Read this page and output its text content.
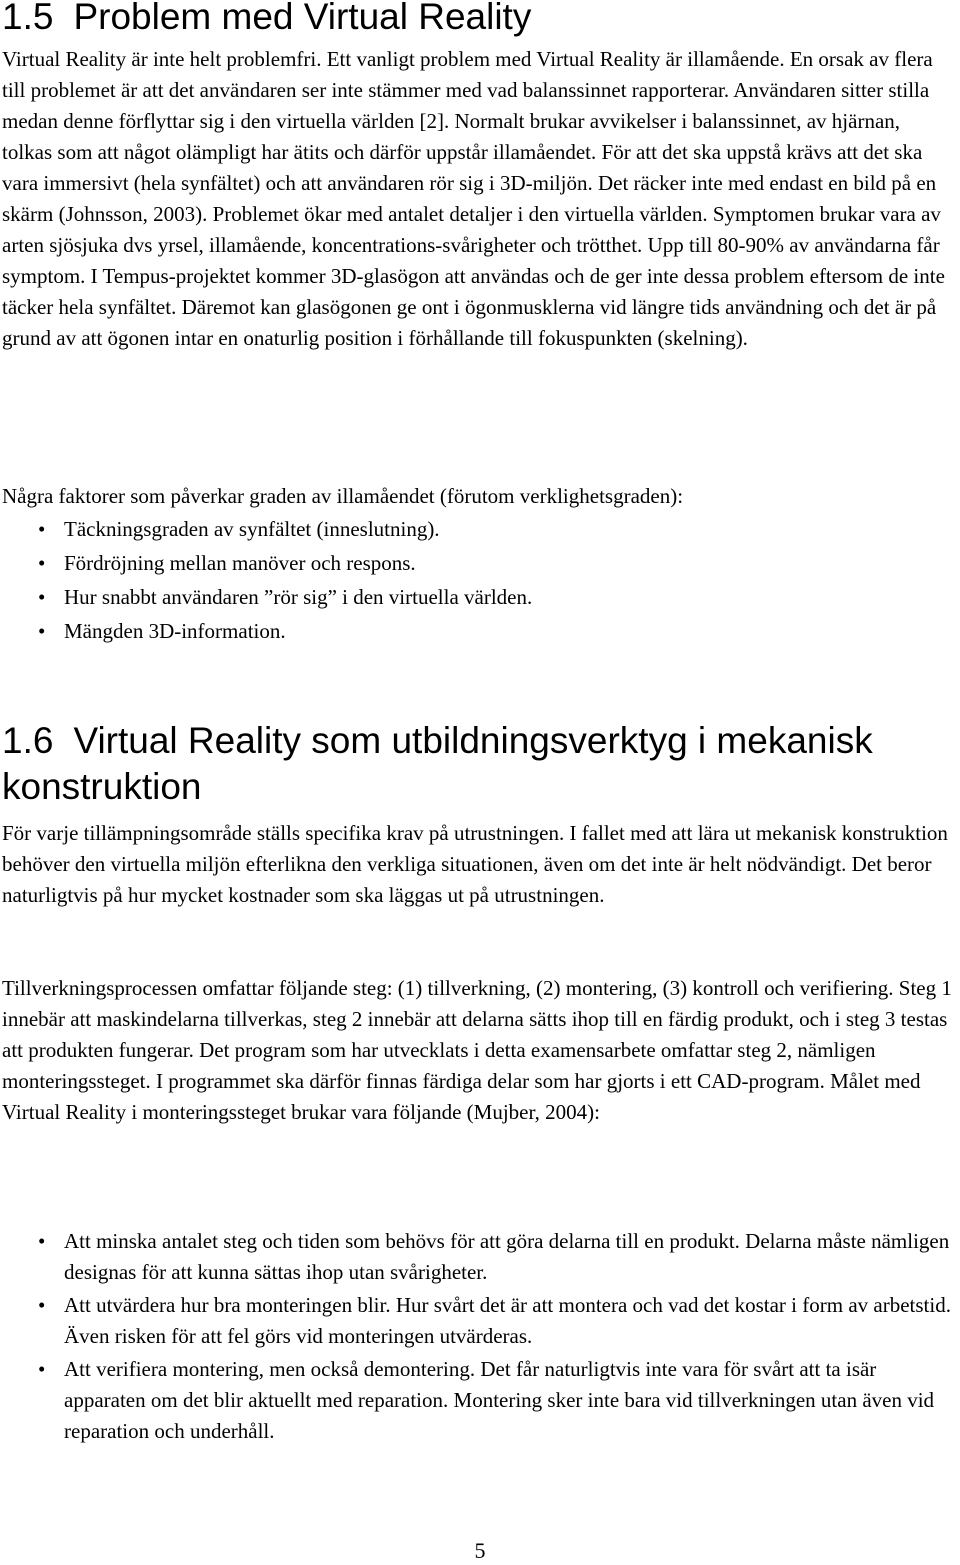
1.5 Problem med Virtual Reality

Virtual Reality är inte helt problemfri. Ett vanligt problem med Virtual Reality är illamående. En orsak av flera till problemet är att det användaren ser inte stämmer med vad balanssinnet rapporterar. Användaren sitter stilla medan denne förflyttar sig i den virtuella världen [2]. Normalt brukar avvikelser i balanssinnet, av hjärnan, tolkas som att något olämpligt har ätits och därför uppstår illamåendet. För att det ska uppstå krävs att det ska vara immersivt (hela synfältet) och att användaren rör sig i 3D-miljön. Det räcker inte med endast en bild på en skärm (Johnsson, 2003). Problemet ökar med antalet detaljer i den virtuella världen. Symptomen brukar vara av arten sjösjuka dvs yrsel, illamående, koncentrations-svårigheter och trötthet. Upp till 80-90% av användarna får symptom. I Tempus-projektet kommer 3D-glasögon att användas och de ger inte dessa problem eftersom de inte täcker hela synfältet. Däremot kan glasögonen ge ont i ögonmusklerna vid längre tids användning och det är på grund av att ögonen intar en onaturlig position i förhållande till fokuspunkten (skelning).

Några faktorer som påverkar graden av illamåendet (förutom verklighetsgraden):

• Täckningsgraden av synfältet (inneslutning).
• Fördröjning mellan manöver och respons.
• Hur snabbt användaren ”rör sig” i den virtuella världen.
• Mängden 3D-information.
1.6 Virtual Reality som utbildningsverktyg i mekanisk konstruktion

För varje tillämpningsområde ställs specifika krav på utrustningen. I fallet med att lära ut mekanisk konstruktion behöver den virtuella miljön efterlikna den verkliga situationen, även om det inte är helt nödvändigt. Det beror naturligtvis på hur mycket kostnader som ska läggas ut på utrustningen.

Tillverkningsprocessen omfattar följande steg: (1) tillverkning, (2) montering, (3) kontroll och verifiering. Steg 1 innebär att maskindelarna tillverkas, steg 2 innebär att delarna sätts ihop till en färdig produkt, och i steg 3 testas att produkten fungerar. Det program som har utvecklats i detta examensarbete omfattar steg 2, nämligen monteringssteget. I programmet ska därför finnas färdiga delar som har gjorts i ett CAD-program. Målet med Virtual Reality i monteringssteget brukar vara följande (Mujber, 2004):

• Att minska antalet steg och tiden som behövs för att göra delarna till en produkt. Delarna måste nämligen designas för att kunna sättas ihop utan svårigheter.
• Att utvärdera hur bra monteringen blir. Hur svårt det är att montera och vad det kostar i form av arbetstid. Även risken för att fel görs vid monteringen utvärderas.
• Att verifiera montering, men också demontering. Det får naturligtvis inte vara för svårt att ta isär apparaten om det blir aktuellt med reparation. Montering sker inte bara vid tillverkningen utan även vid reparation och underhåll.
5
